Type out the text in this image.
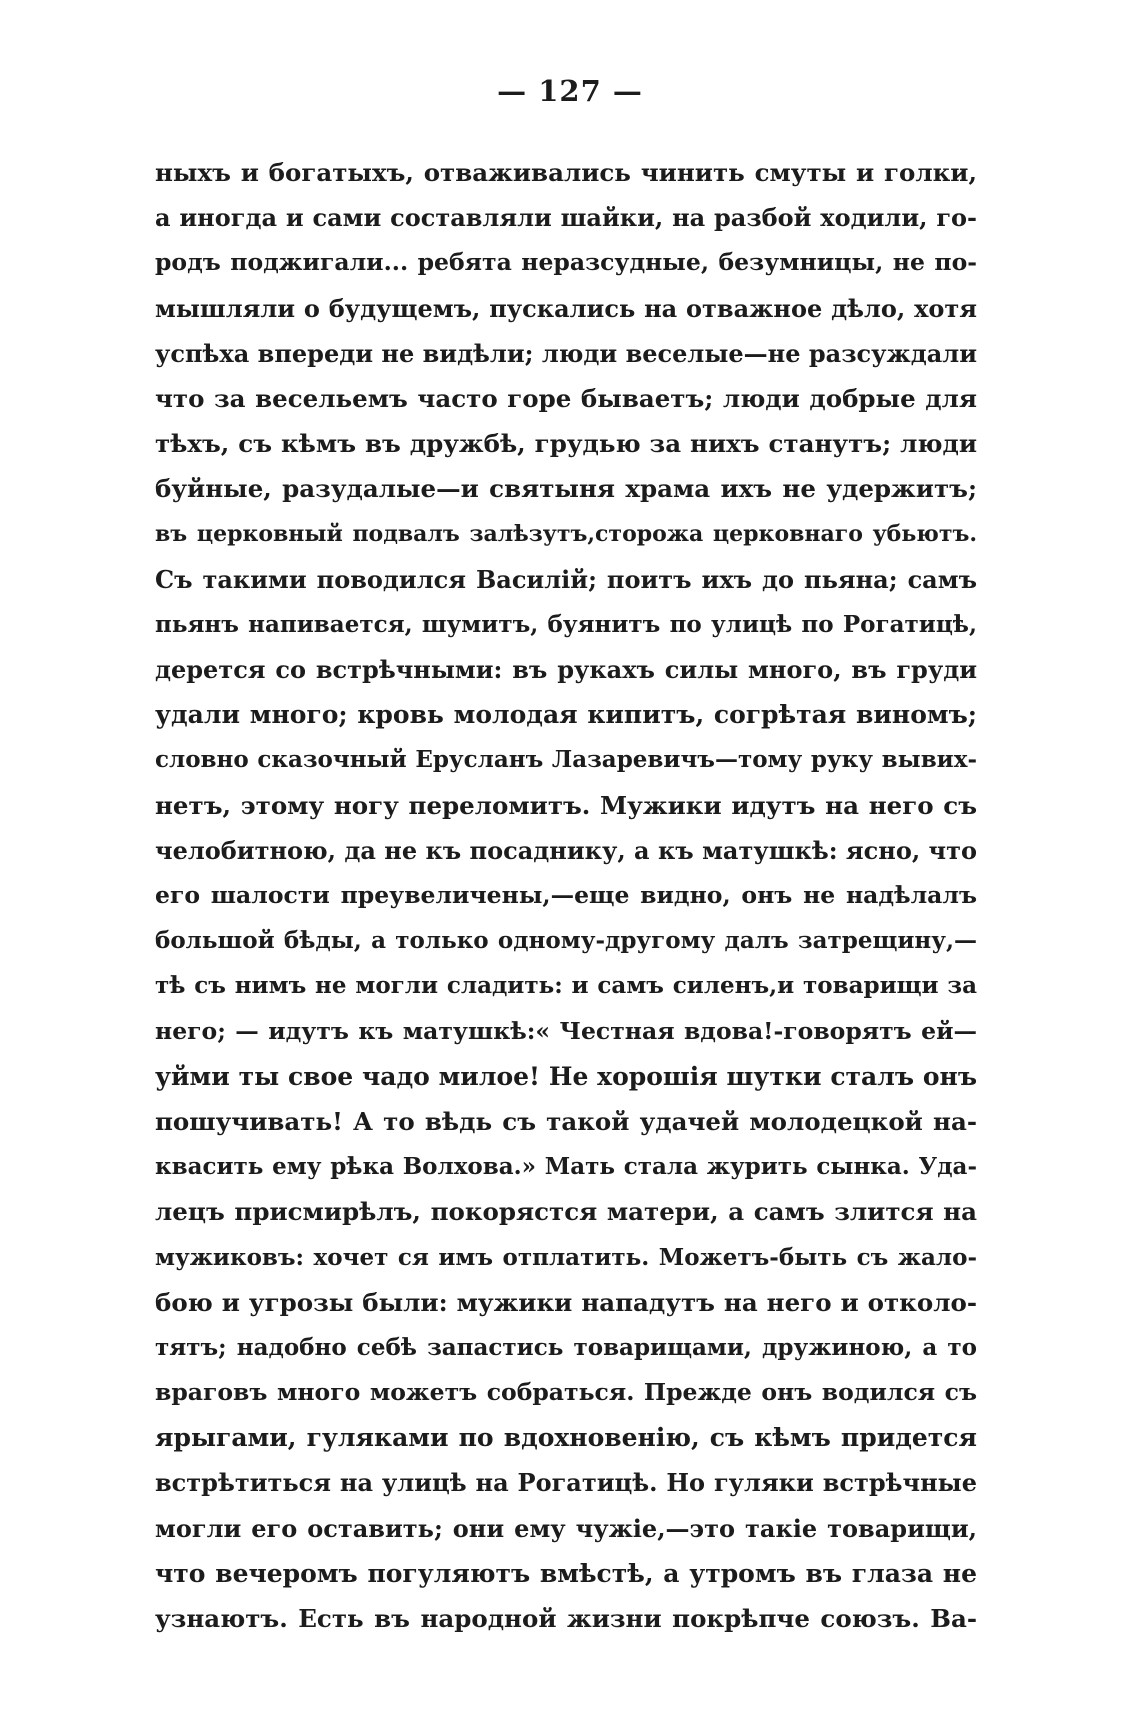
— 127 —
ныхъ и богатыхъ, отваживались чинить смуты и голки,
а иногда и сами составляли шайки, на разбой ходили, го-
родъ поджигали... ребята неразсудные, безумницы, не по-
мышляли о будущемъ, пускались на отважное дѣло, хотя
успѣха впереди не видѣли; люди веселые—не разсуждали
что за весельемъ часто горе бываетъ; люди добрые для
тѣхъ, съ кѣмъ въ дружбѣ, грудью за нихъ станутъ; люди
буйные, разудалые—и святыня храма ихъ не удержитъ;
въ церковный подвалъ залѣзутъ,сторожа церковнаго убьютъ.
Съ такими поводился Василій; поитъ ихъ до пьяна; самъ
пьянъ напивается, шумитъ, буянитъ по улицѣ по Рогатицѣ,
дерется со встрѣчными: въ рукахъ силы много, въ груди
удали много; кровь молодая кипитъ, согрѣтая виномъ;
словно сказочный Еруcланъ Лазаревичъ—тому руку вывих-
нетъ, этому ногу переломитъ. Мужики идутъ на него съ
челобитною, да не къ посаднику, а къ матушкѣ: ясно, что
его шалости преувеличены,—еще видно, онъ не надѣлалъ
большой бѣды, а только одному-другому далъ затрещину,—
тѣ съ нимъ не могли сладить: и самъ силенъ,и товарищи за
него; — идутъ къ матушкѣ:« Честная вдова!-говорятъ ей—
уйми ты свое чадо милое! Не хорошія шутки сталъ онъ
пошучивать! А то вѣдь съ такой удачей молодецкой на-
квасить ему рѣка Волхова.» Мать стала журить сынка. Уда-
лецъ присмирѣлъ, покорястся матери, а самъ злится на
мужиковъ: хочет ся имъ отплатить. Можетъ-быть съ жало-
бою и угрозы были: мужики нападутъ на него и отколо-
тятъ; надобно себѣ запастись товарищами, дружиною, а то
враговъ много можетъ собраться. Прежде онъ водился съ
ярыгами, гуляками по вдохновенію, съ кѣмъ придется
встрѣтиться на улицѣ на Рогатицѣ. Но гуляки встрѣчные
могли его оставить; они ему чужіе,—это такіе товарищи,
что вечеромъ погуляютъ вмѣстѣ, а утромъ въ глаза не
узнаютъ. Есть въ народной жизни покрѣпче союзъ. Ва-
